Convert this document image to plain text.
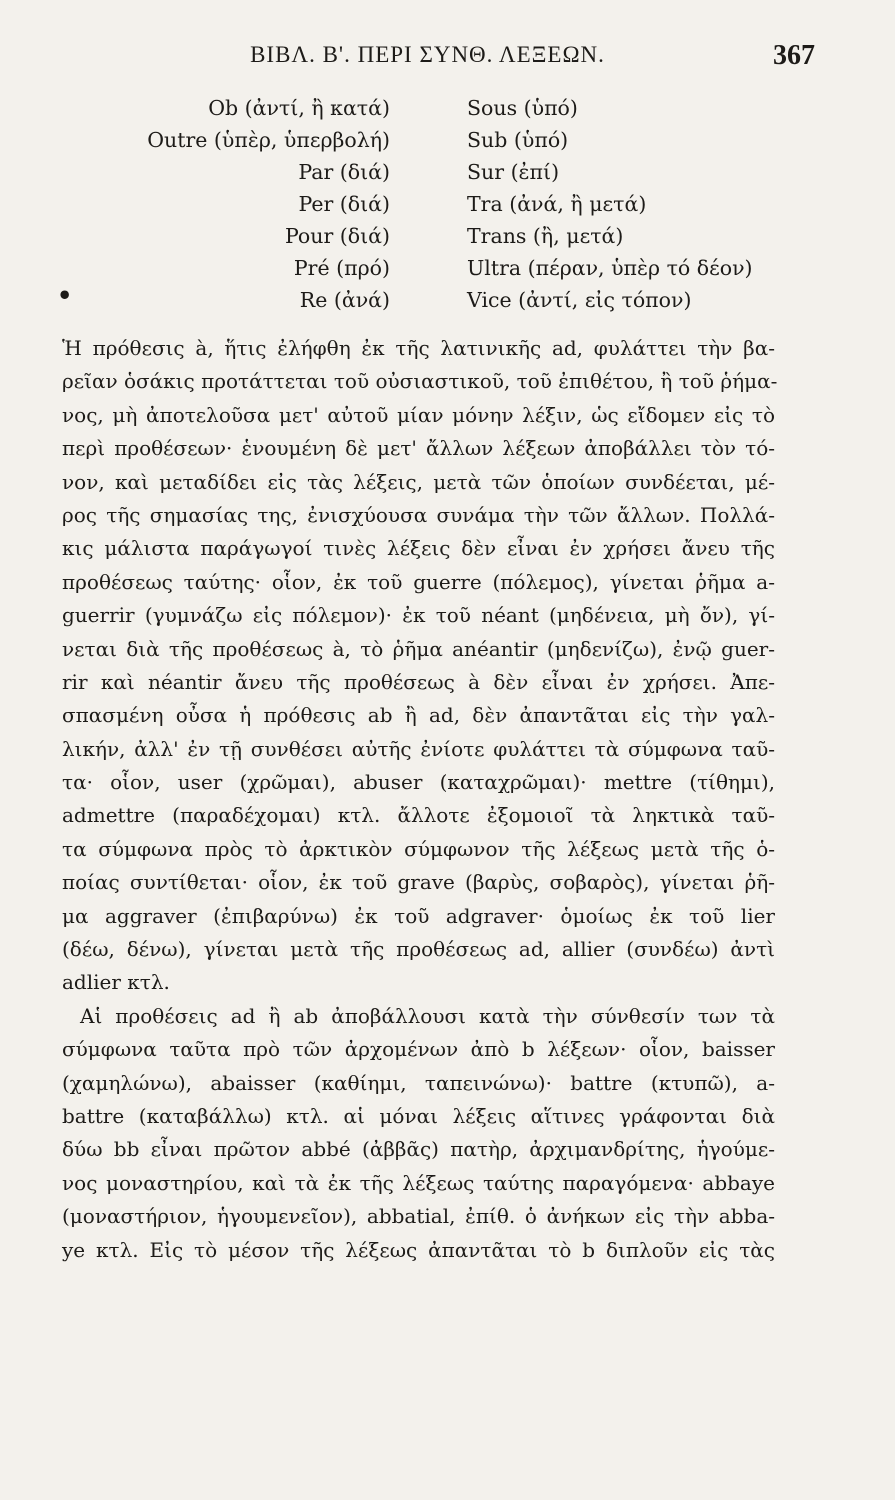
ΒΙΒΛ. Β'. ΠΕΡΙ ΣΥΝΘ. ΛΕΞΕΩΝ.	367
•
Ob (ἀντί, ἢ κατά)	Sous (ὑπό)
Outre (ὑπὲρ, ὑπερβολή)	Sub (ὑπό)
Par (διά)	Sur (ἐπί)
Per (διά)	Tra (ἀνά, ἢ μετά)
Pour (διά)	Trans (ἢ, μετά)
Pré (πρό)	Ultra (πέραν, ὑπὲρ τό δέον)
Re (ἀνά)	Vice (ἀντί, εἰς τόπον)
Ἡ πρόθεσις à, ἥτις ἐλήφθη ἐκ τῆς λατινικῆς ad, φυλάττει τὴν βα-
ρεῖαν ὁσάκις προτάττεται τοῦ οὐσιαστικοῦ, τοῦ ἐπιθέτου, ἢ τοῦ ῥήμα-
νος, μὴ ἀποτελοῦσα μετ' αὐτοῦ μίαν μόνην λέξιν, ὡς εἴδομεν εἰς τὸ
περὶ προθέσεων· ἑνουμένη δὲ μετ' ἄλλων λέξεων ἀποβάλλει τὸν τό-
νον, καὶ μεταδίδει εἰς τὰς λέξεις, μετὰ τῶν ὁποίων συνδέεται, μέ-
ρος τῆς σημασίας της, ἐνισχύουσα συνάμα τὴν τῶν ἄλλων. Πολλά-
κις μάλιστα παράγωγοί τινὲς λέξεις δὲν εἶναι ἐν χρήσει ἄνευ τῆς
προθέσεως ταύτης· οἷον, ἐκ τοῦ guerre (πόλεμος), γίνεται ῥῆμα a-
guerrir (γυμνάζω εἰς πόλεμον)· ἐκ τοῦ néant (μηδένεια, μὴ ὄν), γί-
νεται διὰ τῆς προθέσεως à, τὸ ῥῆμα anéantir (μηδενίζω), ἐνῷ guer-
rir καὶ néantir ἄνευ τῆς προθέσεως à δὲν εἶναι ἐν χρήσει. Ἀπε-
σπασμένη οὖσα ἡ πρόθεσις ab ἢ ad, δὲν ἀπαντᾶται εἰς τὴν γαλ-
λικήν, ἀλλ' ἐν τῇ συνθέσει αὐτῆς ἐνίοτε φυλάττει τὰ σύμφωνα ταῦ-
τα· οἷον, user (χρῶμαι), abuser (καταχρῶμαι)· mettre (τίθημι),
admettre (παραδέχομαι) κτλ. ἄλλοτε ἐξομοιοῖ τὰ ληκτικὰ ταῦ-
τα σύμφωνα πρὸς τὸ ἀρκτικὸν σύμφωνον τῆς λέξεως μετὰ τῆς ὁ-
ποίας συντίθεται· οἷον, ἐκ τοῦ grave (βαρὺς, σοβαρὸς), γίνεται ῥῆ-
μα aggraver (ἐπιβαρύνω) ἐκ τοῦ adgraver· ὁμοίως ἐκ τοῦ lier
(δέω, δένω), γίνεται μετὰ τῆς προθέσεως ad, allier (συνδέω) ἀντὶ
adlier κτλ.
Αἱ προθέσεις ad ἢ ab ἀποβάλλουσι κατὰ τὴν σύνθεσίν των τὰ
σύμφωνα ταῦτα πρὸ τῶν ἀρχομένων ἀπὸ b λέξεων· οἷον, baisser
(χαμηλώνω), abaisser (καθίημι, ταπεινώνω)· battre (κτυπῶ), a-
battre (καταβάλλω) κτλ. αἱ μόναι λέξεις αἵτινες γράφονται διὰ
δύω bb εἶναι πρῶτον abbé (ἀββᾶς) πατὴρ, ἀρχιμανδρίτης, ἡγούμε-
νος μοναστηρίου, καὶ τὰ ἐκ τῆς λέξεως ταύτης παραγόμενα· abbaye
(μοναστήριον, ἡγουμενεῖον), abbatial, ἐπίθ. ὁ ἀνήκων εἰς τὴν abba-
ye κτλ. Εἰς τὸ μέσον τῆς λέξεως ἀπαντᾶται τὸ b διπλοῦν εἰς τὰς
